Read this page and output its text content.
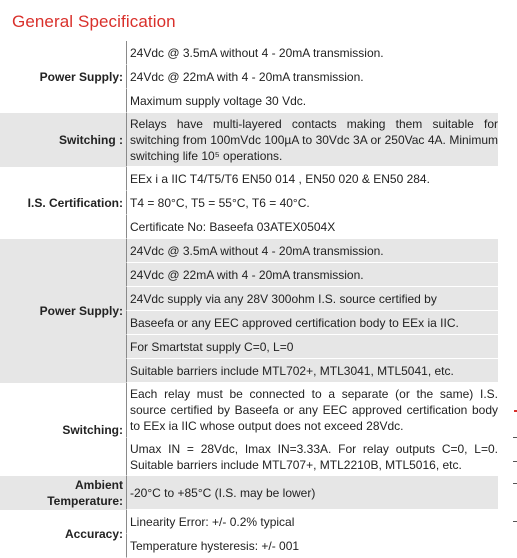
General Specification
Power Supply:
24Vdc @ 3.5mA without 4 - 20mA transmission.
24Vdc @ 22mA with 4 - 20mA transmission.
Maximum supply voltage 30 Vdc.
Switching :
Relays have multi-layered contacts making them suitable for switching from 100mVdc 100µA to 30Vdc 3A or 250Vac 4A. Minimum switching life 10⁵ operations.
I.S. Certification:
EEx i a IIC T4/T5/T6 EN50 014 , EN50 020 & EN50 284.
T4 = 80°C, T5 = 55°C, T6 = 40°C.
Certificate No: Baseefa 03ATEX0504X
Power Supply:
24Vdc @ 3.5mA without 4 - 20mA transmission.
24Vdc @ 22mA with 4 - 20mA transmission.
24Vdc supply via any 28V 300ohm I.S. source certified by
Baseefa or any EEC approved certification body to EEx ia IIC.
For Smartstat supply C=0, L=0
Suitable barriers include MTL702+, MTL3041, MTL5041, etc.
Switching:
Each relay must be connected to a separate (or the same) I.S. source certified by Baseefa or any EEC approved certification body to EEx ia IIC whose output does not exceed 28Vdc.
Umax IN = 28Vdc, Imax IN=3.33A. For relay outputs C=0, L=0. Suitable barriers include MTL707+, MTL2210B, MTL5016, etc.
Ambient Temperature:
-20°C to +85°C (I.S. may be lower)
Accuracy:
Linearity Error: +/- 0.2% typical
Temperature hysteresis: +/- 001
